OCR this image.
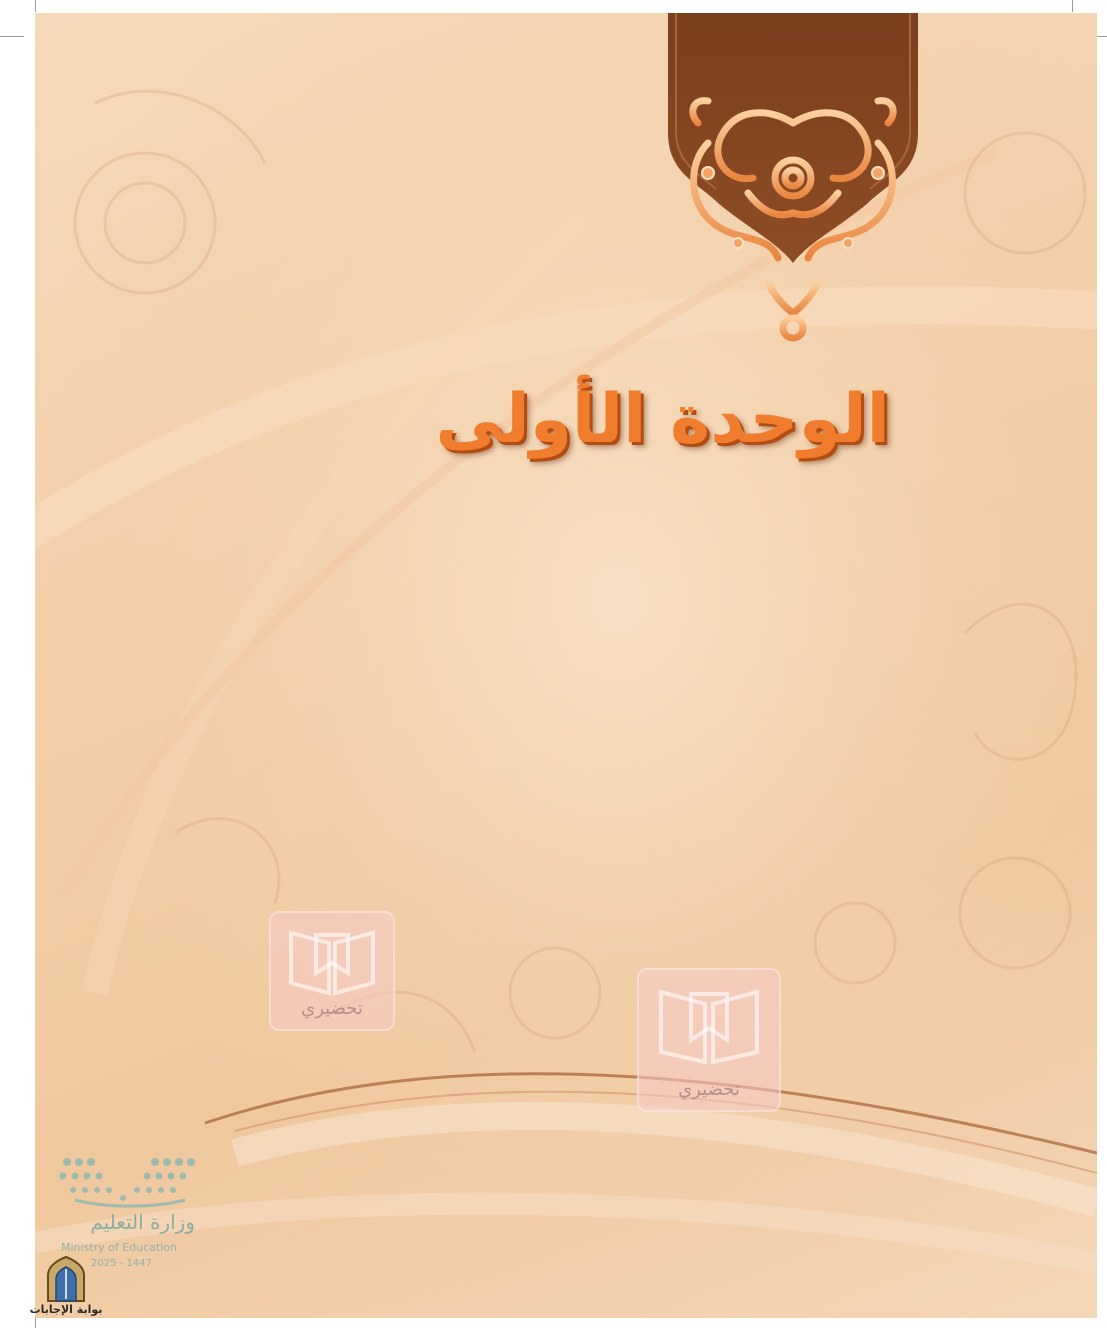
تحضيري
تحضيري
الوحدة الأولى
وزارة التعليم
Ministry of Education
2025 - 1447
بوابة الإجابات
